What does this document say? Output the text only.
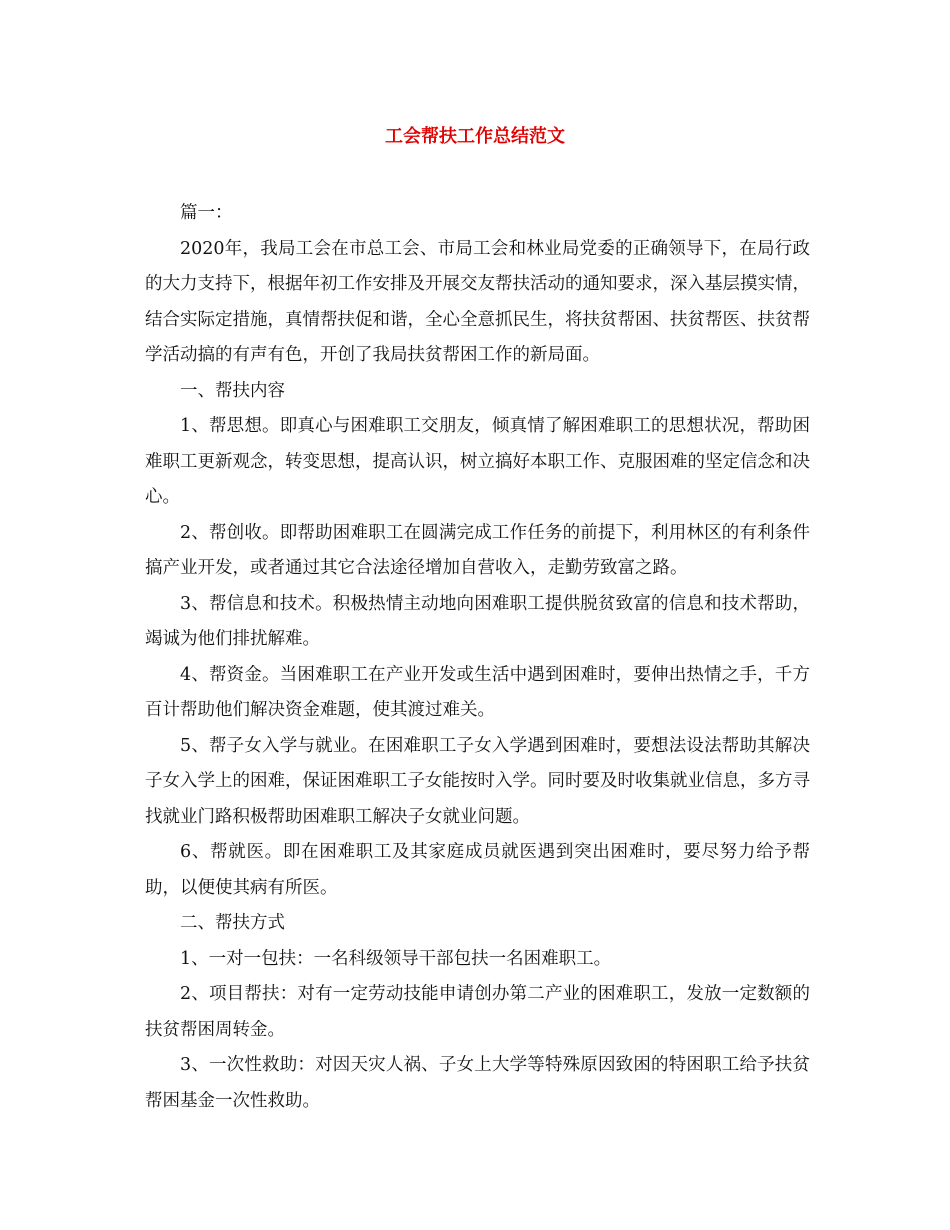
工会帮扶工作总结范文

篇一：

2020年，我局工会在市总工会、市局工会和林业局党委的正确领导下，在局行政的大力支持下，根据年初工作安排及开展交友帮扶活动的通知要求，深入基层摸实情，结合实际定措施，真情帮扶促和谐，全心全意抓民生，将扶贫帮困、扶贫帮医、扶贫帮学活动搞的有声有色，开创了我局扶贫帮困工作的新局面。

一、帮扶内容

1、帮思想。即真心与困难职工交朋友，倾真情了解困难职工的思想状况，帮助困难职工更新观念，转变思想，提高认识，树立搞好本职工作、克服困难的坚定信念和决心。

2、帮创收。即帮助困难职工在圆满完成工作任务的前提下，利用林区的有利条件搞产业开发，或者通过其它合法途径增加自营收入，走勤劳致富之路。

3、帮信息和技术。积极热情主动地向困难职工提供脱贫致富的信息和技术帮助，竭诚为他们排扰解难。

4、帮资金。当困难职工在产业开发或生活中遇到困难时，要伸出热情之手，千方百计帮助他们解决资金难题，使其渡过难关。

5、帮子女入学与就业。在困难职工子女入学遇到困难时，要想法设法帮助其解决子女入学上的困难，保证困难职工子女能按时入学。同时要及时收集就业信息，多方寻找就业门路积极帮助困难职工解决子女就业问题。

6、帮就医。即在困难职工及其家庭成员就医遇到突出困难时，要尽努力给予帮助，以便使其病有所医。

二、帮扶方式

1、一对一包扶：一名科级领导干部包扶一名困难职工。

2、项目帮扶：对有一定劳动技能申请创办第二产业的困难职工，发放一定数额的扶贫帮困周转金。

3、一次性救助：对因天灾人祸、子女上大学等特殊原因致困的特困职工给予扶贫帮困基金一次性救助。
